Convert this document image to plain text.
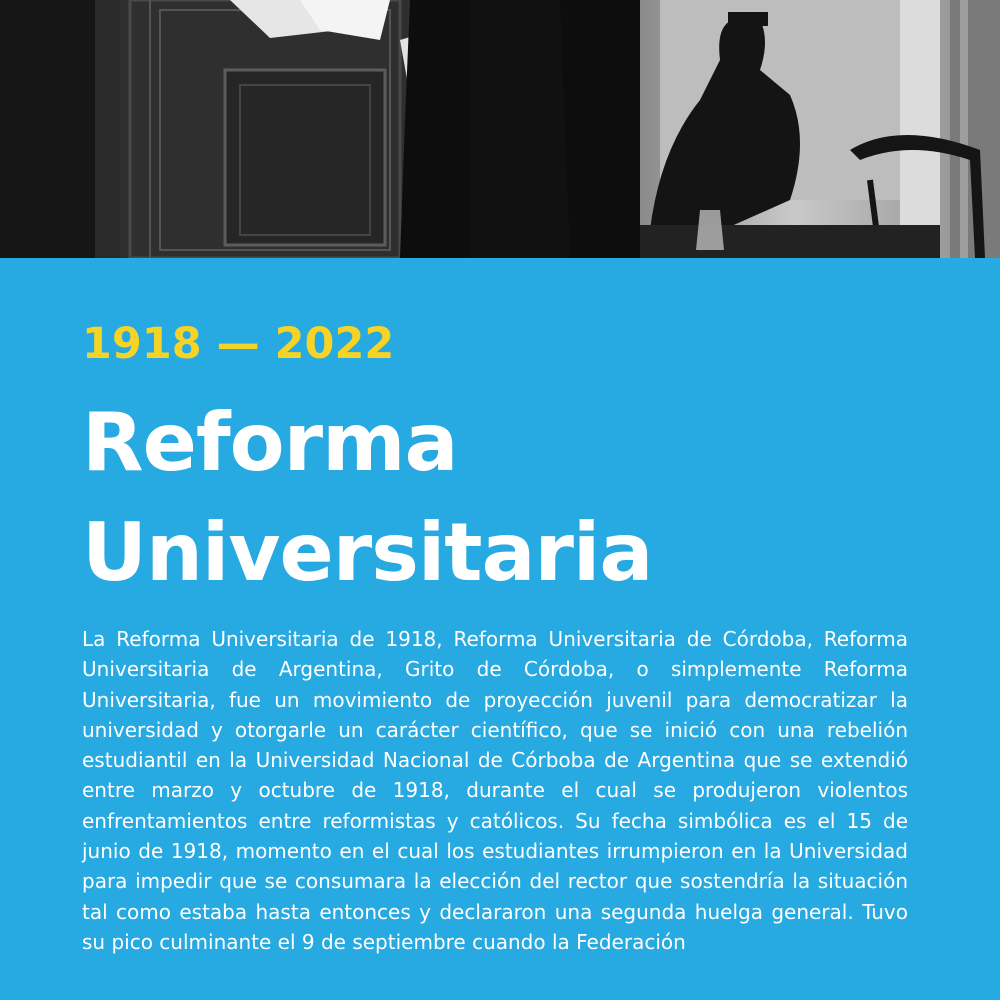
1918 — 2022

Reforma
Universitaria

La Reforma Universitaria de 1918, Reforma Universitaria de Córdoba, Reforma Universitaria de Argentina, Grito de Córdoba, o simplemente Reforma Universitaria, fue un movimiento de proyección juvenil para democratizar la universidad y otorgarle un carácter científico, que se inició con una rebelión estudiantil en la Universidad Nacional de Córboba de Argentina que se extendió entre marzo y octubre de 1918, durante el cual se produjeron violentos enfrentamientos entre reformistas y católicos. Su fecha simbólica es el 15 de junio de 1918, momento en el cual los estudiantes irrumpieron en la Universidad para impedir que se consumara la elección del rector que sostendría la situación tal como estaba hasta entonces y declararon una segunda huelga general. Tuvo su pico culminante el 9 de septiembre cuando la Federación
